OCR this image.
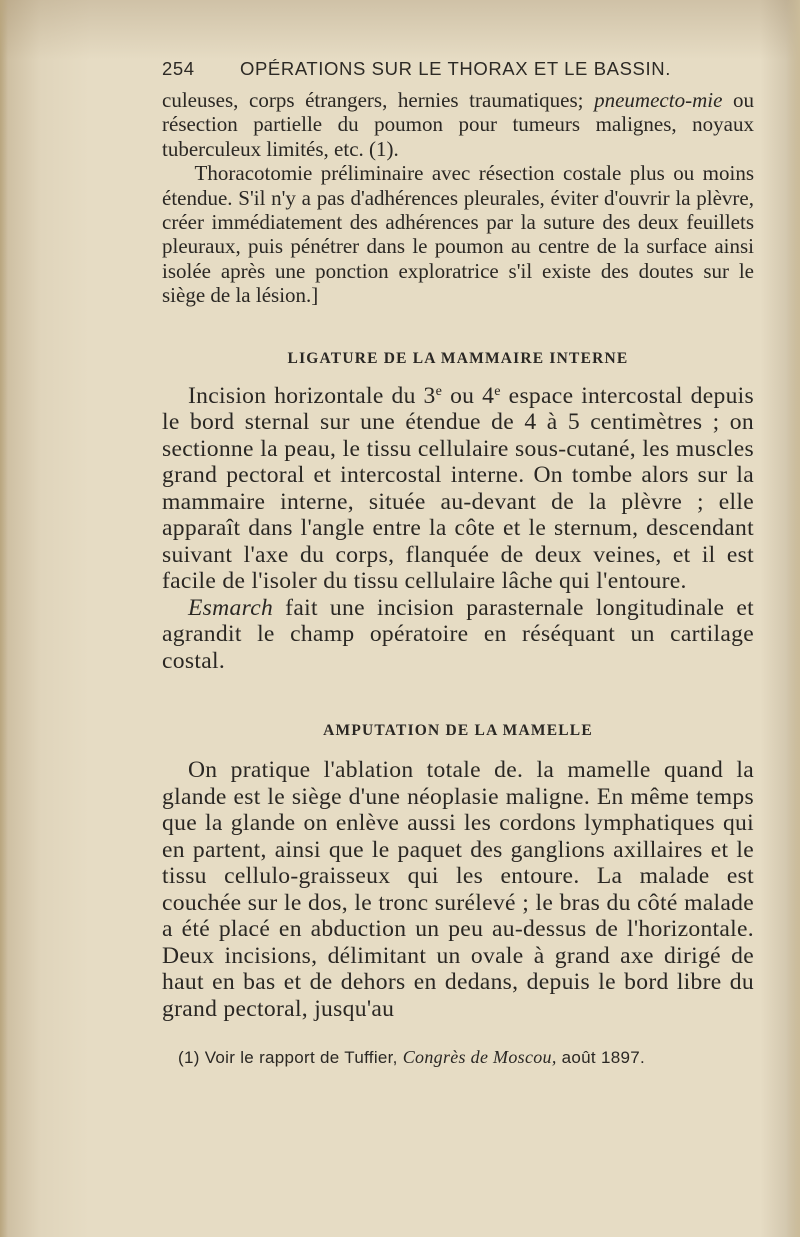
254	OPÉRATIONS SUR LE THORAX ET LE BASSIN.

culeuses, corps étrangers, hernies traumatiques; pneumecto-mie ou résection partielle du poumon pour tumeurs malignes, noyaux tuberculeux limités, etc. (1).

Thoracotomie préliminaire avec résection costale plus ou moins étendue. S'il n'y a pas d'adhérences pleurales, éviter d'ouvrir la plèvre, créer immédiatement des adhérences par la suture des deux feuillets pleuraux, puis pénétrer dans le poumon au centre de la surface ainsi isolée après une ponction exploratrice s'il existe des doutes sur le siège de la lésion.]

LIGATURE DE LA MAMMAIRE INTERNE

Incision horizontale du 3e ou 4e espace intercostal depuis le bord sternal sur une étendue de 4 à 5 centimètres ; on sectionne la peau, le tissu cellulaire sous-cutané, les muscles grand pectoral et intercostal interne. On tombe alors sur la mammaire interne, située au-devant de la plèvre ; elle apparaît dans l'angle entre la côte et le sternum, descendant suivant l'axe du corps, flanquée de deux veines, et il est facile de l'isoler du tissu cellulaire lâche qui l'entoure.

Esmarch fait une incision parasternale longitudinale et agrandit le champ opératoire en réséquant un cartilage costal.

AMPUTATION DE LA MAMELLE

On pratique l'ablation totale de. la mamelle quand la glande est le siège d'une néoplasie maligne. En même temps que la glande on enlève aussi les cordons lymphatiques qui en partent, ainsi que le paquet des ganglions axillaires et le tissu cellulo-graisseux qui les entoure. La malade est couchée sur le dos, le tronc surélevé ; le bras du côté malade a été placé en abduction un peu au-dessus de l'horizontale. Deux incisions, délimitant un ovale à grand axe dirigé de haut en bas et de dehors en dedans, depuis le bord libre du grand pectoral, jusqu'au

(1) Voir le rapport de Tuffier, Congrès de Moscou, août 1897.
